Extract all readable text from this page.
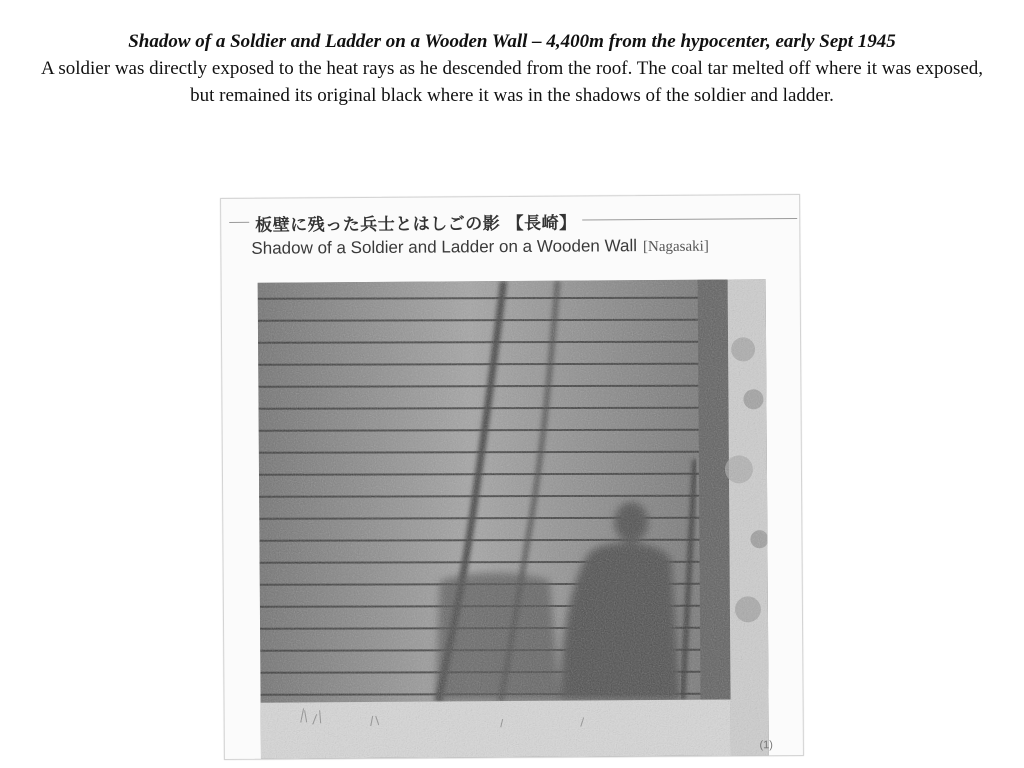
Shadow of a Soldier and Ladder on a Wooden Wall – 4,400m from the hypocenter, early Sept 1945

A soldier was directly exposed to the heat rays as he descended from the roof. The coal tar melted off where it was exposed, but remained its original black where it was in the shadows of the soldier and ladder.

板壁に残った兵士とはしごの影 【長崎】
Shadow of a Soldier and Ladder on a Wooden Wall [Nagasaki]
(1)
